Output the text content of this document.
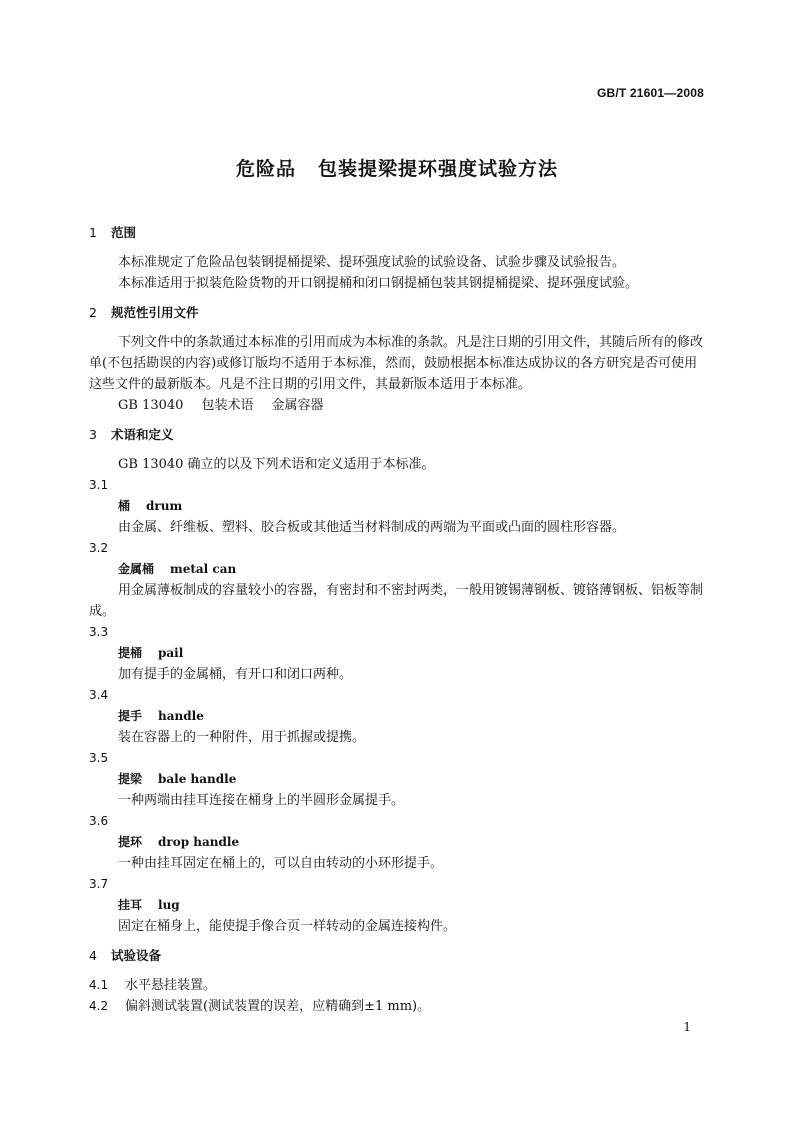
GB/T 21601—2008
危险品 包装提梁提环强度试验方法
1 范围

本标准规定了危险品包装钢提桶提梁、提环强度试验的试验设备、试验步骤及试验报告。

本标准适用于拟装危险货物的开口钢提桶和闭口钢提桶包装其钢提桶提梁、提环强度试验。

2 规范性引用文件

下列文件中的条款通过本标准的引用而成为本标准的条款。凡是注日期的引用文件，其随后所有的修改单(不包括勘误的内容)或修订版均不适用于本标准，然而，鼓励根据本标准达成协议的各方研究是否可使用这些文件的最新版本。凡是不注日期的引用文件，其最新版本适用于本标准。

GB 13040 包装术语 金属容器

3 术语和定义

GB 13040 确立的以及下列术语和定义适用于本标准。

3.1
桶 drum

由金属、纤维板、塑料、胶合板或其他适当材料制成的两端为平面或凸面的圆柱形容器。

3.2
金属桶 metal can

用金属薄板制成的容量较小的容器，有密封和不密封两类，一般用镀锡薄钢板、镀铬薄钢板、铝板等制成。

3.3
提桶 pail

加有提手的金属桶，有开口和闭口两种。

3.4
提手 handle

装在容器上的一种附件，用于抓握或提携。

3.5
提梁 bale handle

一种两端由挂耳连接在桶身上的半圆形金属提手。

3.6
提环 drop handle

一种由挂耳固定在桶上的，可以自由转动的小环形提手。

3.7
挂耳 lug

固定在桶身上，能使提手像合页一样转动的金属连接构件。

4 试验设备

4.1 水平悬挂装置。

4.2 偏斜测试装置(测试装置的误差，应精确到±1 mm)。

1
